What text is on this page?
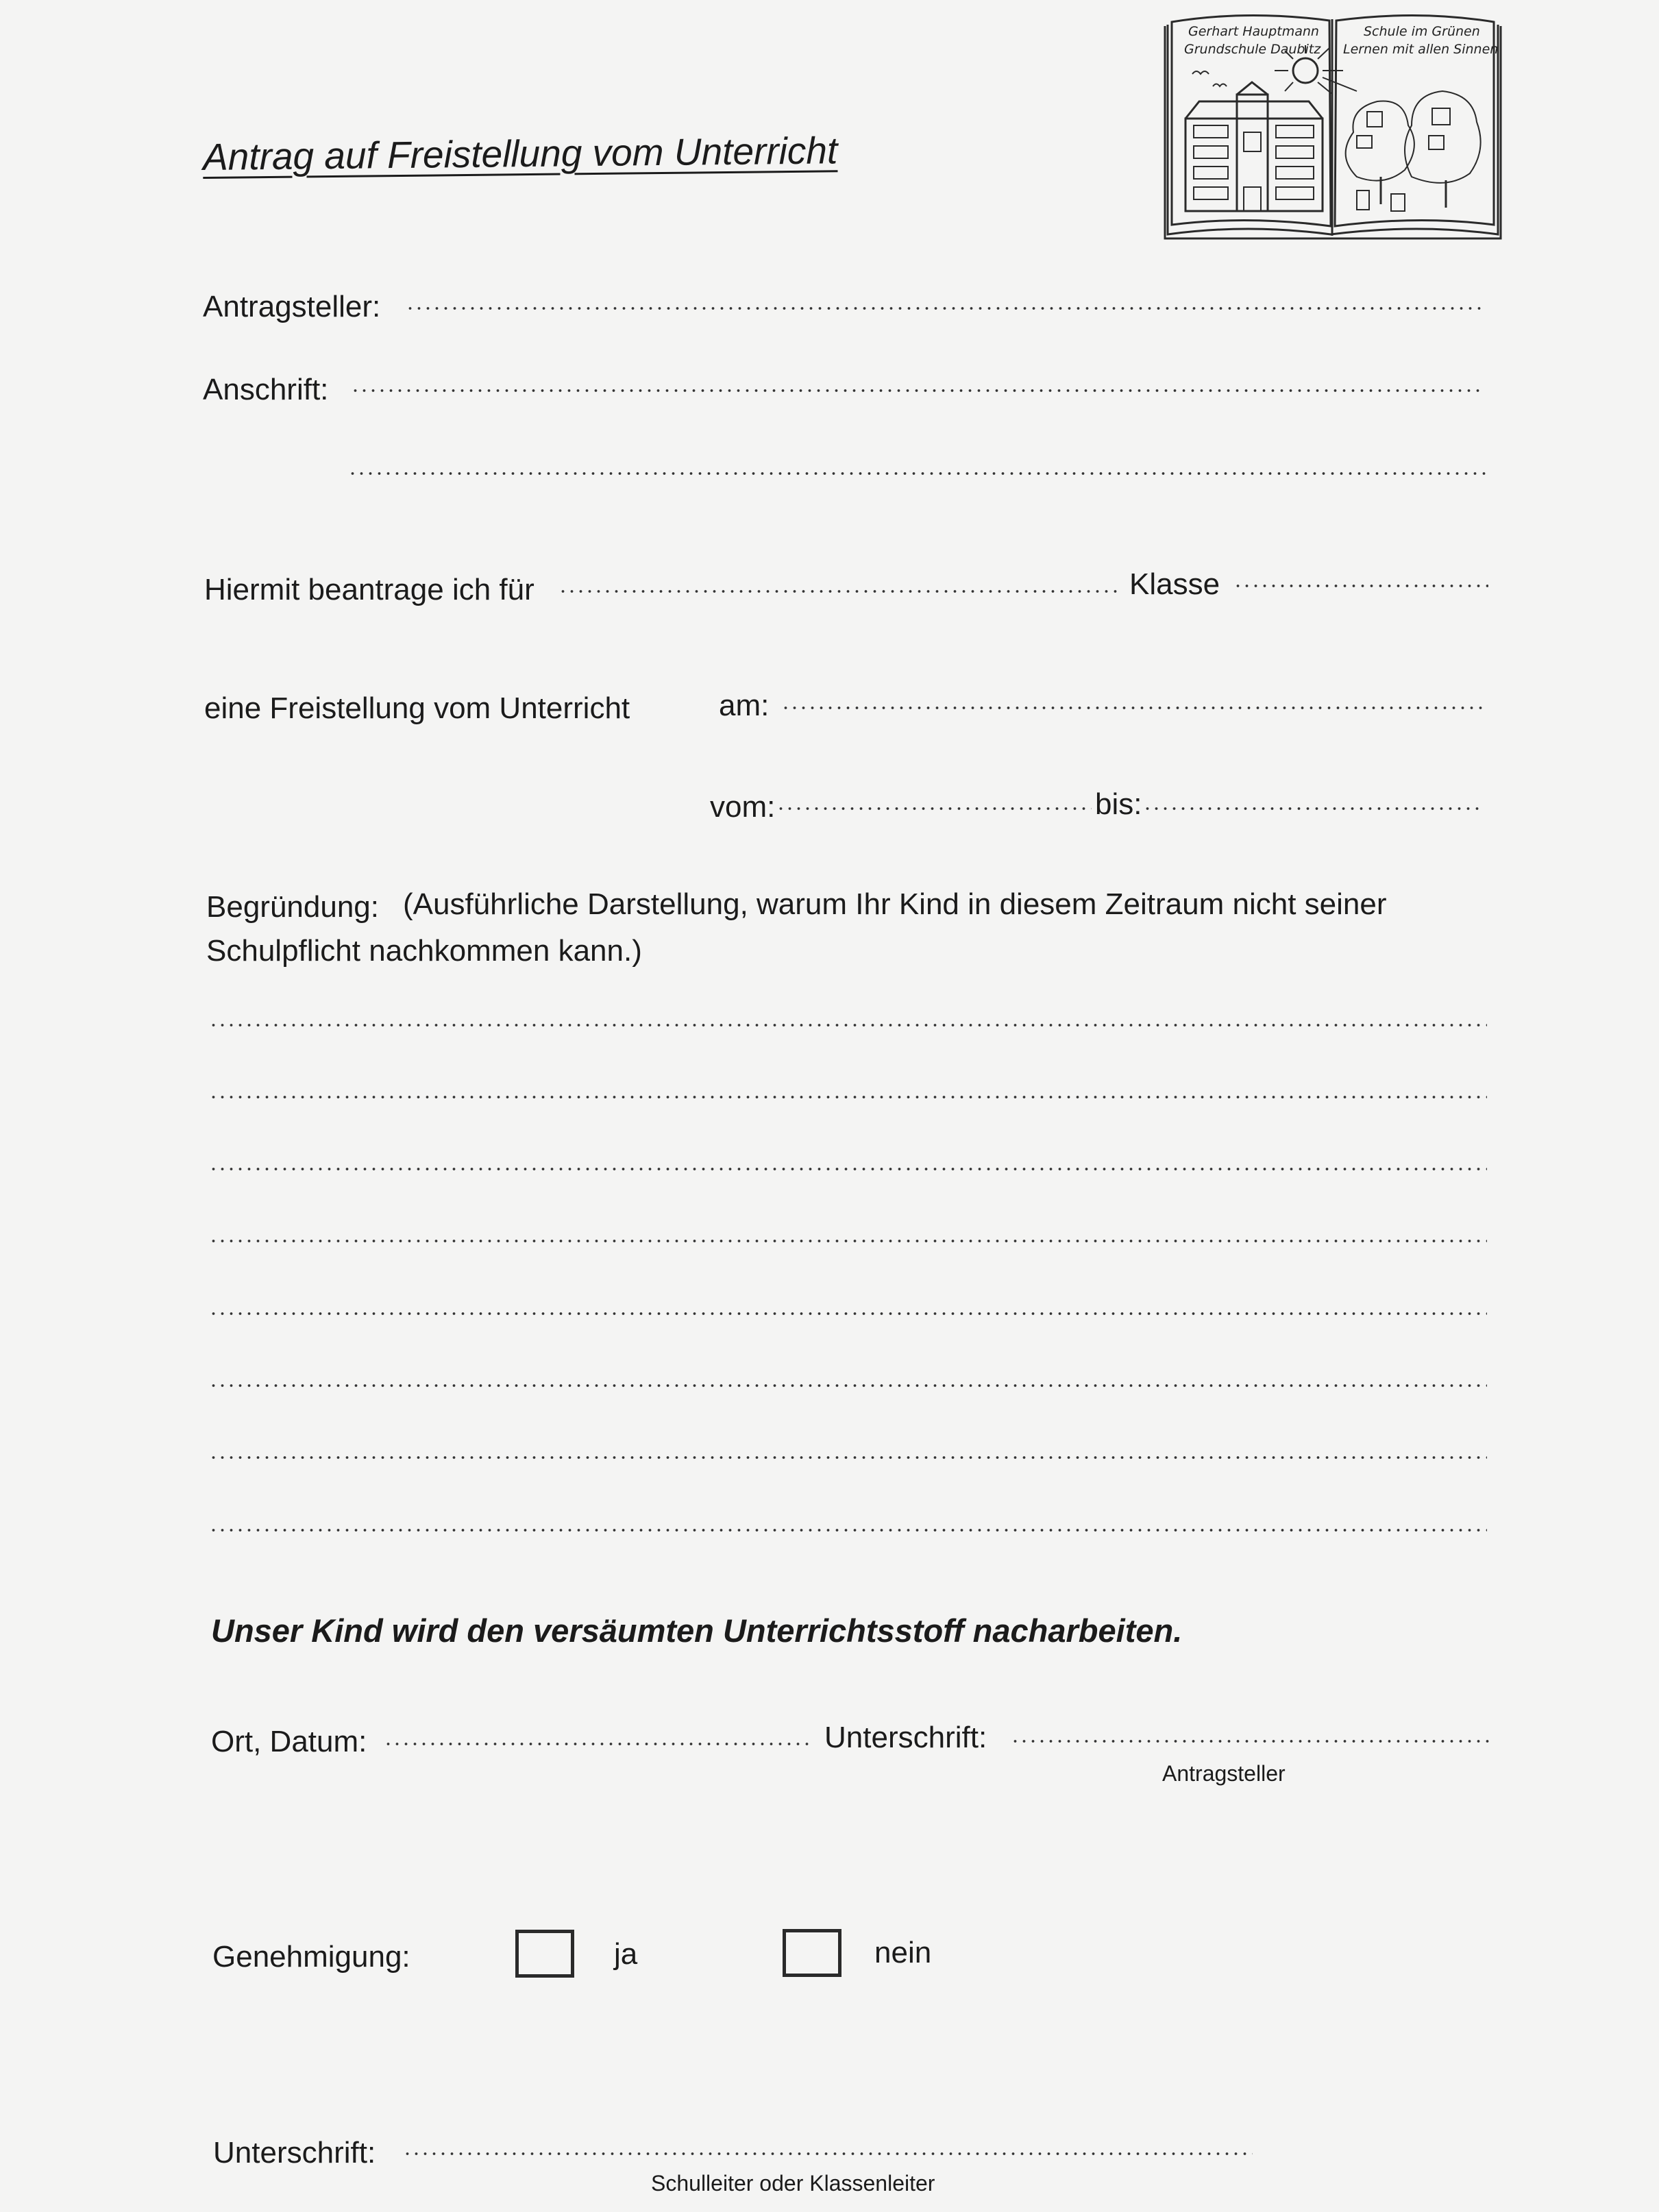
Gerhart Hauptmann
Grundschule Daubitz
Schule im Grünen
Lernen mit allen Sinnen
Antrag auf Freistellung vom Unterricht
Antragsteller:
Anschrift:
Hiermit beantrage ich für	Klasse
eine Freistellung vom Unterricht	am:
vom:	bis:
Begründung: (Ausführliche Darstellung, warum Ihr Kind in diesem Zeitraum nicht seiner
Schulpflicht nachkommen kann.)
Unser Kind wird den versäumten Unterrichtsstoff nacharbeiten.
Ort, Datum:	Unterschrift:
Antragsteller
Genehmigung:	ja	nein
Unterschrift:
Schulleiter oder Klassenleiter
